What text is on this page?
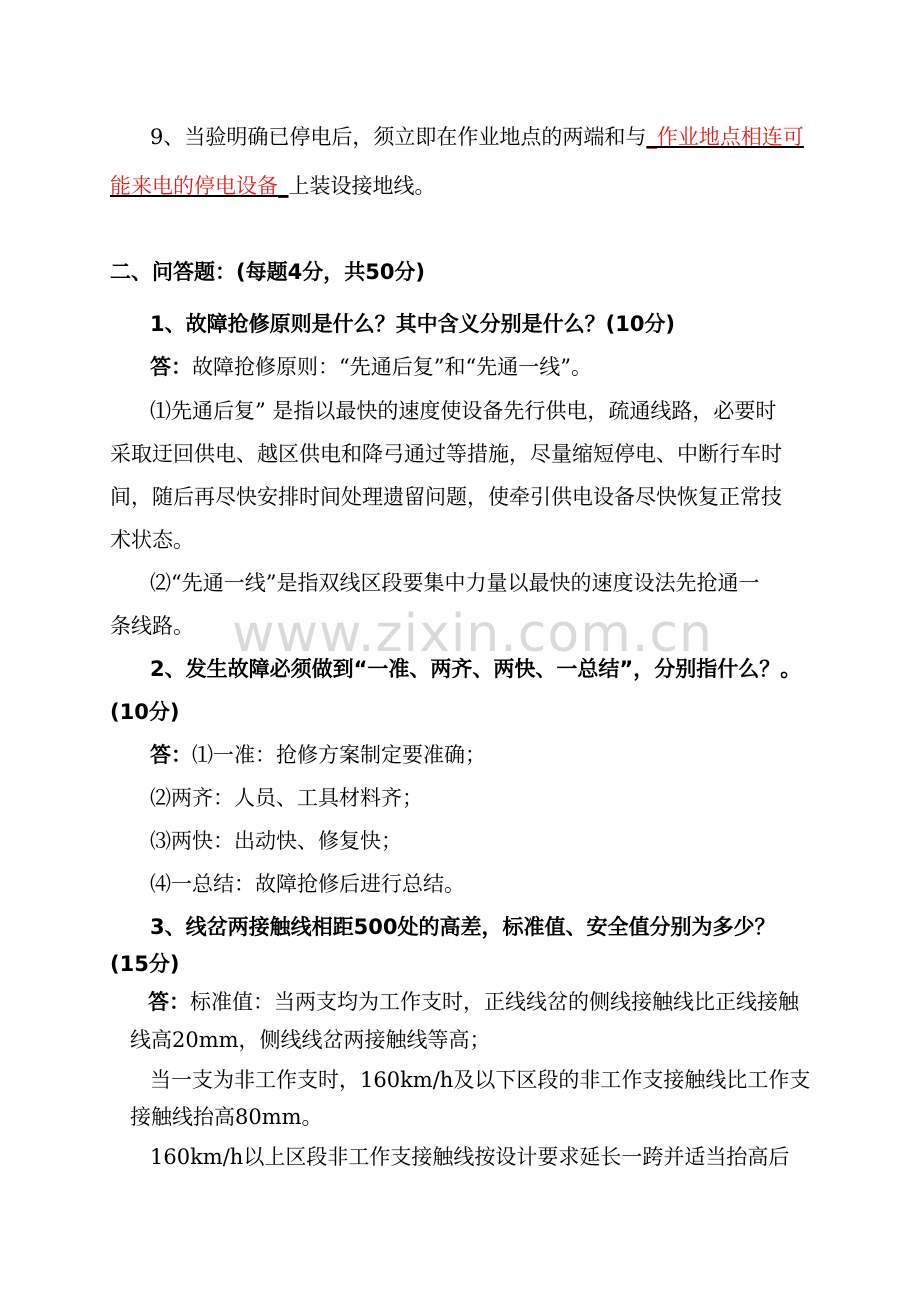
www.zixin.com.cn
9、当验明确已停电后，须立即在作业地点的两端和与_作业地点相连可
能来电的停电设备_上装设接地线。
二、问答题：(每题4分，共50分)
1、故障抢修原则是什么？其中含义分别是什么？(10分)
答：故障抢修原则：“先通后复”和“先通一线”。
⑴先通后复” 是指以最快的速度使设备先行供电，疏通线路，必要时
采取迂回供电、越区供电和降弓通过等措施，尽量缩短停电、中断行车时
间，随后再尽快安排时间处理遗留问题，使牵引供电设备尽快恢复正常技
术状态。
⑵“先通一线”是指双线区段要集中力量以最快的速度设法先抢通一
条线路。
2、发生故障必须做到“一准、两齐、两快、一总结”，分别指什么？。
(10分)
答：⑴一准：抢修方案制定要准确；
⑵两齐：人员、工具材料齐；
⑶两快：出动快、修复快；
⑷一总结：故障抢修后进行总结。
3、线岔两接触线相距500处的高差，标准值、安全值分别为多少？
(15分)
答：标准值：当两支均为工作支时，正线线岔的侧线接触线比正线接触
线高20mm，侧线线岔两接触线等高；
当一支为非工作支时，160km/h及以下区段的非工作支接触线比工作支
接触线抬高80mm。
160km/h以上区段非工作支接触线按设计要求延长一跨并适当抬高后
